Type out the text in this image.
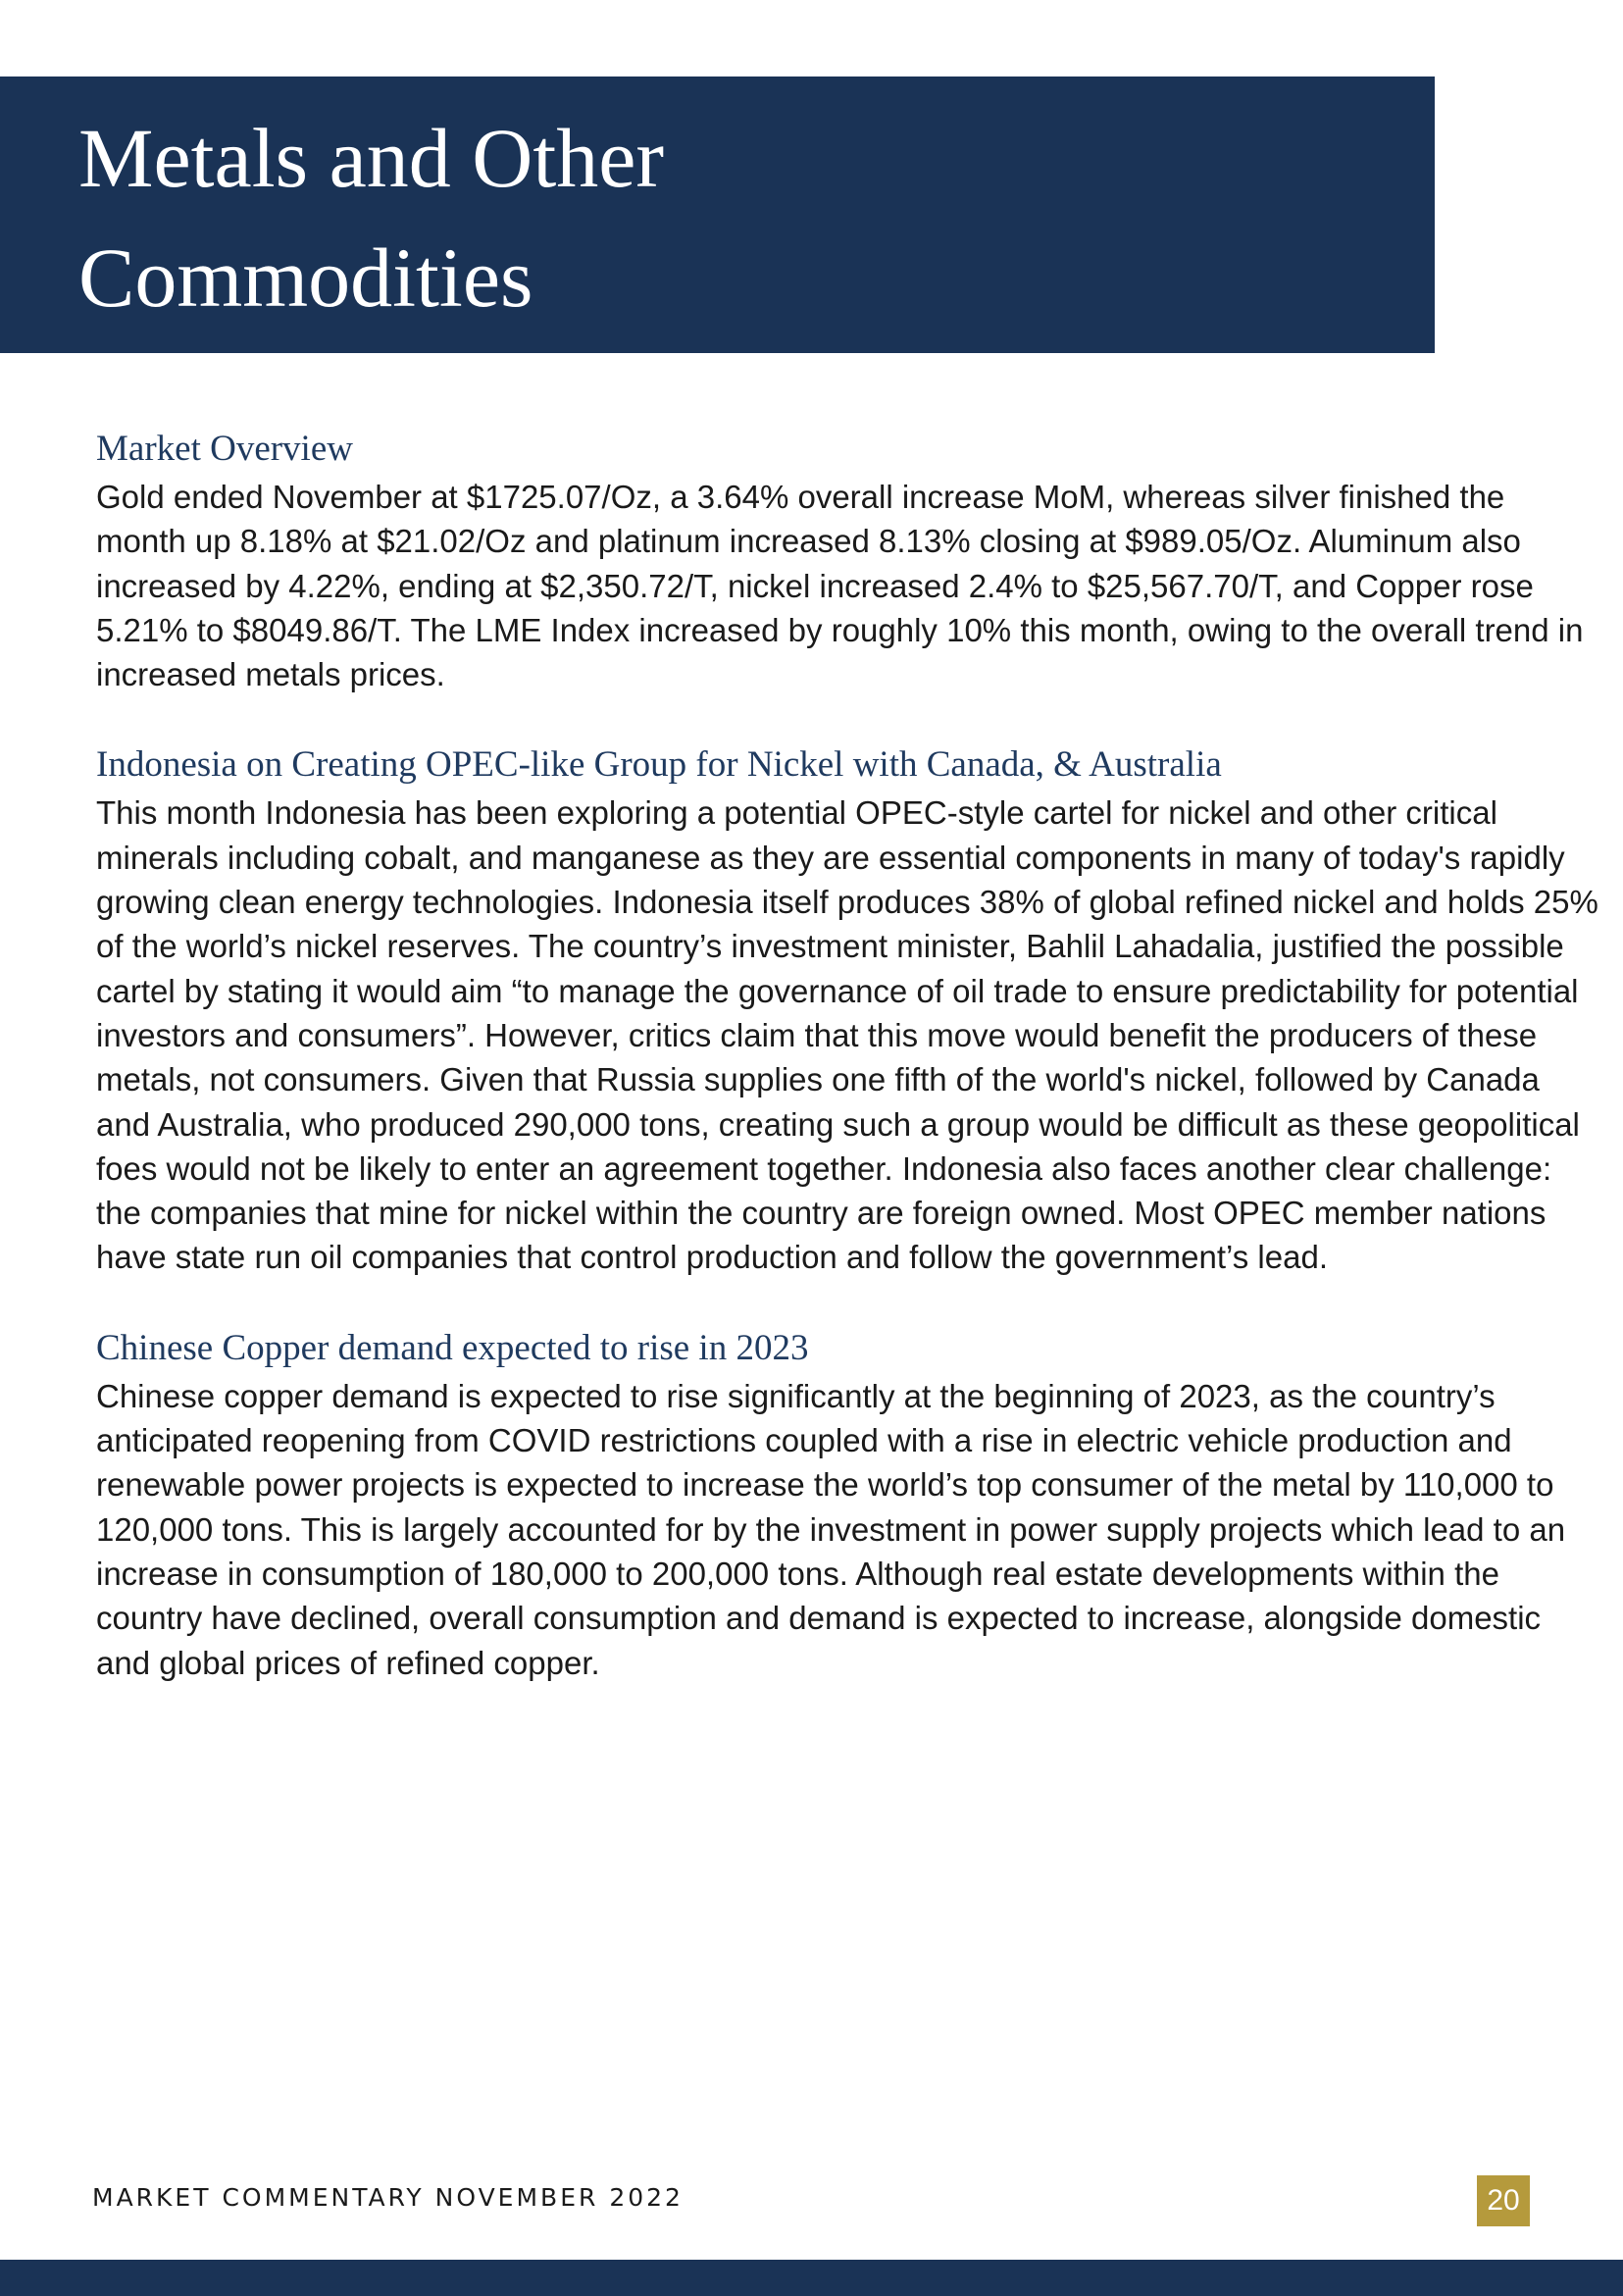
Metals and Other
Commodities
Market Overview

Gold ended November at $1725.07/Oz, a 3.64% overall increase MoM, whereas silver finished the month up 8.18% at $21.02/Oz and platinum increased 8.13% closing at $989.05/Oz. Aluminum also increased by 4.22%, ending at $2,350.72/T, nickel increased 2.4% to $25,567.70/T, and Copper rose 5.21% to $8049.86/T. The LME Index increased by roughly 10% this month, owing to the overall trend in increased metals prices.

Indonesia on Creating OPEC-like Group for Nickel with Canada, & Australia

This month Indonesia has been exploring a potential OPEC-style cartel for nickel and other critical minerals including cobalt, and manganese as they are essential components in many of today's rapidly growing clean energy technologies. Indonesia itself produces 38% of global refined nickel and holds 25% of the world’s nickel reserves. The country’s investment minister, Bahlil Lahadalia, justified the possible cartel by stating it would aim “to manage the governance of oil trade to ensure predictability for potential investors and consumers”. However, critics claim that this move would benefit the producers of these metals, not consumers. Given that Russia supplies one fifth of the world's nickel, followed by Canada and Australia, who produced 290,000 tons, creating such a group would be difficult as these geopolitical foes would not be likely to enter an agreement together. Indonesia also faces another clear challenge: the companies that mine for nickel within the country are foreign owned. Most OPEC member nations have state run oil companies that control production and follow the government’s lead.

Chinese Copper demand expected to rise in 2023

Chinese copper demand is expected to rise significantly at the beginning of 2023, as the country’s anticipated reopening from COVID restrictions coupled with a rise in electric vehicle production and renewable power projects is expected to increase the world’s top consumer of the metal by 110,000 to 120,000 tons. This is largely accounted for by the investment in power supply projects which lead to an increase in consumption of 180,000 to 200,000 tons. Although real estate developments within the country have declined, overall consumption and demand is expected to increase, alongside domestic and global prices of refined copper.

MARKET COMMENTARY NOVEMBER 2022	20
